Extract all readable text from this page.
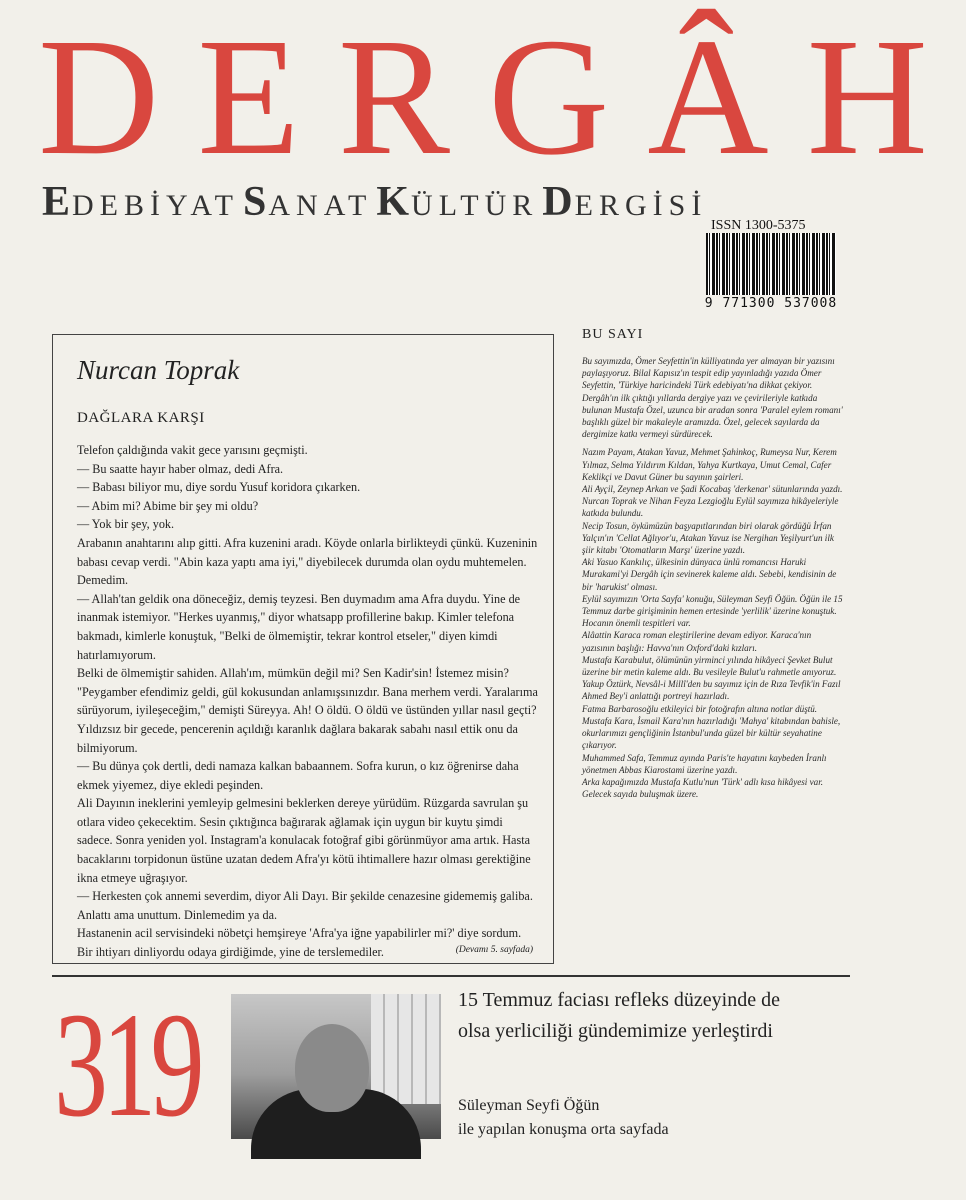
DERGÂH
EDEBİYATSANATKÜLTÜRDERGİSİ
ISSN 1300-5375
9 771300 537008
Nurcan Toprak
DAĞLARA KARŞI

Telefon çaldığında vakit gece yarısını geçmişti.

— Bu saatte hayır haber olmaz, dedi Afra.

— Babası biliyor mu, diye sordu Yusuf koridora çıkarken.

— Abim mi? Abime bir şey mi oldu?

— Yok bir şey, yok.

Arabanın anahtarını alıp gitti. Afra kuzenini aradı. Köyde onlarla birlikteydi çünkü. Kuzeninin babası cevap verdi. "Abin kaza yaptı ama iyi," diyebilecek durumda olan oydu muhtemelen. Demedim.

— Allah'tan geldik ona döneceğiz, demiş teyzesi. Ben duymadım ama Afra duydu. Yine de inanmak istemiyor. "Herkes uyanmış," diyor whatsapp profillerine bakıp. Kimler telefona bakmadı, kimlerle konuştuk, "Belki de ölmemiştir, tekrar kontrol etseler," diyen kimdi hatırlamıyorum.

Belki de ölmemiştir sahiden. Allah'ım, mümkün değil mi? Sen Kadir'sin! İstemez misin? "Peygamber efendimiz geldi, gül kokusundan anlamışsınızdır. Bana merhem verdi. Yaralarıma sürüyorum, iyileşeceğim," demişti Süreyya. Ah! O öldü. O öldü ve üstünden yıllar nasıl geçti? Yıldızsız bir gecede, pencerenin açıldığı karanlık dağlara bakarak sabahı nasıl ettik onu da bilmiyorum.

— Bu dünya çok dertli, dedi namaza kalkan babaannem. Sofra kurun, o kız öğrenirse daha ekmek yiyemez, diye ekledi peşinden.

Ali Dayının ineklerini yemleyip gelmesini beklerken dereye yürüdüm. Rüzgarda savrulan şu otlara video çekecektim. Sesin çıktığınca bağırarak ağlamak için uygun bir kuytu şimdi sadece. Sonra yeniden yol. Instagram'a konulacak fotoğraf gibi görünmüyor ama artık. Hasta bacaklarını torpidonun üstüne uzatan dedem Afra'yı kötü ihtimallere hazır olması gerektiğine ikna etmeye uğraşıyor.

— Herkesten çok annemi severdim, diyor Ali Dayı. Bir şekilde cenazesine gidememiş galiba. Anlattı ama unuttum. Dinlemedim ya da.

Hastanenin acil servisindeki nöbetçi hemşireye 'Afra'ya iğne yapabilirler mi?' diye sordum. Bir ihtiyarı dinliyordu odaya girdiğimde, yine de terslemediler.	(Devamı 5. sayfada)
BU SAYI

Bu sayımızda, Ömer Seyfettin'in külliyatında yer almayan bir yazısını paylaşıyoruz. Bilal Kapısız'ın tespit edip yayınladığı yazıda Ömer Seyfettin, 'Türkiye haricindeki Türk edebiyatı'na dikkat çekiyor.

Dergâh'ın ilk çıktığı yıllarda dergiye yazı ve çevirileriyle katkıda bulunan Mustafa Özel, uzunca bir aradan sonra 'Paralel eylem romanı' başlıklı güzel bir makaleyle aramızda. Özel, gelecek sayılarda da dergimize katkı vermeyi sürdürecek.

Nazım Payam, Atakan Yavuz, Mehmet Şahinkoç, Rumeysa Nur, Kerem Yılmaz, Selma Yıldırım Kıldan, Yahya Kurtkaya, Umut Cemal, Cafer Keklikçi ve Davut Güner bu sayının şairleri.

Ali Ayçil, Zeynep Arkan ve Şadi Kocabaş 'derkenar' sütunlarında yazdı.

Nurcan Toprak ve Nihan Feyza Lezgioğlu Eylül sayımıza hikâyeleriyle katkıda bulundu.

Necip Tosun, öykümüzün başyapıtlarından biri olarak gördüğü İrfan Yalçın'ın 'Cellat Ağlıyor'u, Atakan Yavuz ise Nergihan Yeşilyurt'un ilk şiir kitabı 'Otomatların Marşı' üzerine yazdı.

Aki Yasuo Kankılıç, ülkesinin dünyaca ünlü romancısı Haruki Murakami'yi Dergâh için sevinerek kaleme aldı. Sebebi, kendisinin de bir 'harukist' olması.

Eylül sayımızın 'Orta Sayfa' konuğu, Süleyman Seyfi Öğün. Öğün ile 15 Temmuz darbe girişiminin hemen ertesinde 'yerlilik' üzerine konuştuk. Hocanın önemli tespitleri var.

Alâattin Karaca roman eleştirilerine devam ediyor. Karaca'nın yazısının başlığı: Havva'nın Oxford'daki kızları.

Mustafa Karabulut, ölümünün yirminci yılında hikâyeci Şevket Bulut üzerine bir metin kaleme aldı. Bu vesileyle Bulut'u rahmetle anıyoruz.

Yakup Öztürk, Nevsâl-i Millî'den bu sayımız için de Rıza Tevfik'in Fazıl Ahmed Bey'i anlattığı portreyi hazırladı.

Fatma Barbarosoğlu etkileyici bir fotoğrafın altına notlar düştü.

Mustafa Kara, İsmail Kara'nın hazırladığı 'Mahya' kitabından bahisle, okurlarımızı gençliğinin İstanbul'unda güzel bir kültür seyahatine çıkarıyor.

Muhammed Safa, Temmuz ayında Paris'te hayatını kaybeden İranlı yönetmen Abbas Kiarostami üzerine yazdı.

Arka kapağımızda Mustafa Kutlu'nun 'Türk' adlı kısa hikâyesi var.

Gelecek sayıda buluşmak üzere.

319	15 Temmuz faciası refleks düzeyinde de
olsa yerliciliği gündemimize yerleştirdi
Süleyman Seyfi Öğün
ile yapılan konuşma orta sayfada
